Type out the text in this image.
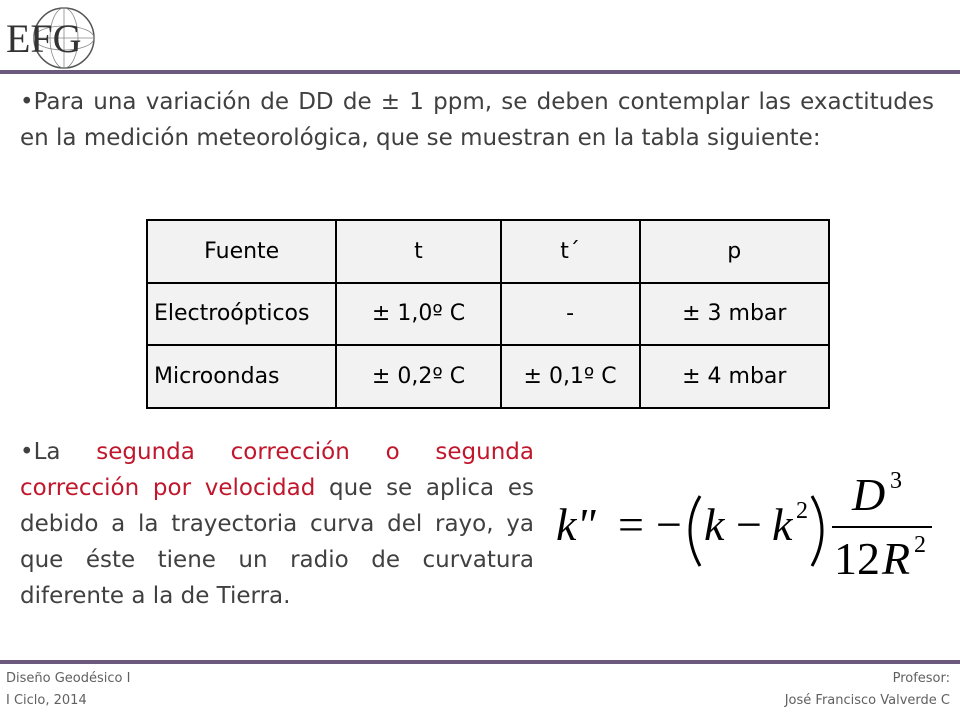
EFG

•Para una variación de DD de ± 1 ppm, se deben contemplar las exactitudes en la medición meteorológica, que se muestran en la tabla siguiente:

Fuente	t	t´	p
Electroópticos	± 1,0º C	-	± 3 mbar
Microondas	± 0,2º C	± 0,1º C	± 4 mbar

•La segunda corrección o segunda corrección por velocidad que se aplica es debido a la trayectoria curva del rayo, ya que éste tiene un radio de curvatura diferente a la de Tierra.

k" = − k − k 2 D 3
12 R 2
Diseño Geodésico I
I Ciclo, 2014
Profesor:
José Francisco Valverde C
